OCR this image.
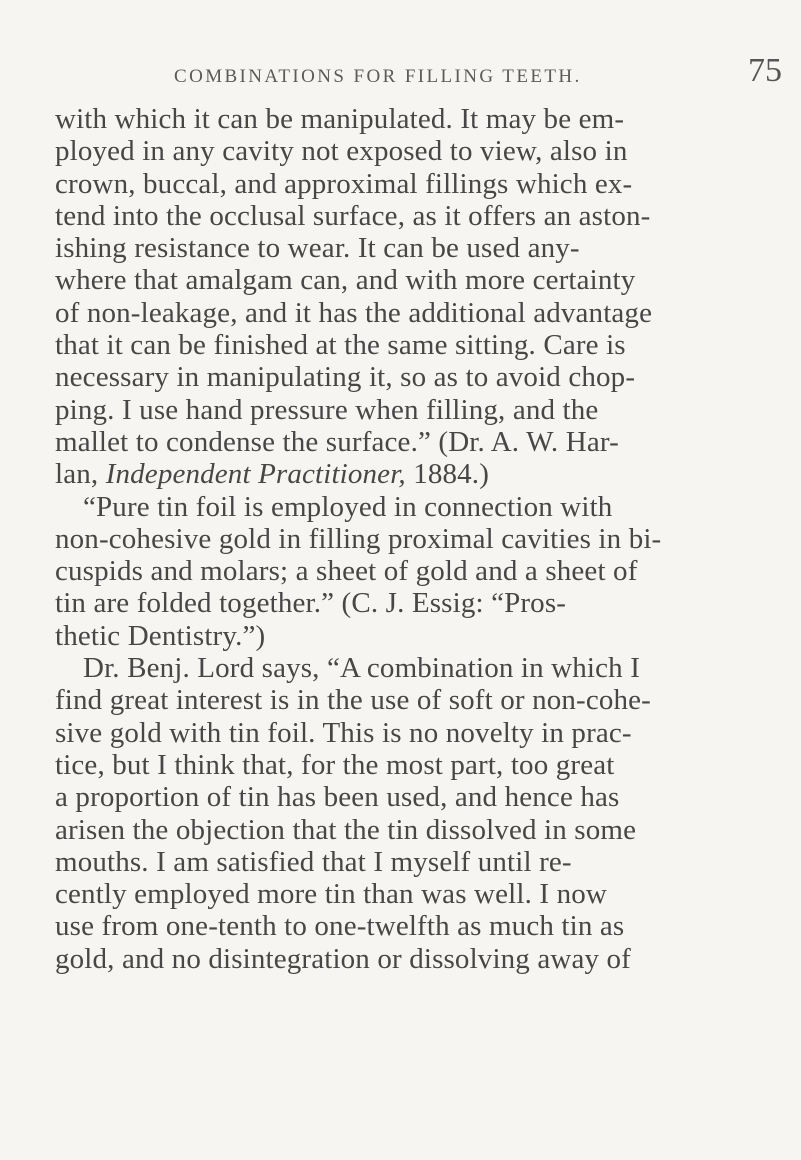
COMBINATIONS FOR FILLING TEETH.	75
with which it can be manipulated. It may be em-
ployed in any cavity not exposed to view, also in
crown, buccal, and approximal fillings which ex-
tend into the occlusal surface, as it offers an aston-
ishing resistance to wear. It can be used any-
where that amalgam can, and with more certainty
of non-leakage, and it has the additional advantage
that it can be finished at the same sitting. Care is
necessary in manipulating it, so as to avoid chop-
ping. I use hand pressure when filling, and the
mallet to condense the surface.” (Dr. A. W. Har-
lan, Independent Practitioner, 1884.)
“Pure tin foil is employed in connection with
non-cohesive gold in filling proximal cavities in bi-
cuspids and molars; a sheet of gold and a sheet of
tin are folded together.” (C. J. Essig: “Pros-
thetic Dentistry.”)
Dr. Benj. Lord says, “A combination in which I
find great interest is in the use of soft or non-cohe-
sive gold with tin foil. This is no novelty in prac-
tice, but I think that, for the most part, too great
a proportion of tin has been used, and hence has
arisen the objection that the tin dissolved in some
mouths. I am satisfied that I myself until re-
cently employed more tin than was well. I now
use from one-tenth to one-twelfth as much tin as
gold, and no disintegration or dissolving away of
